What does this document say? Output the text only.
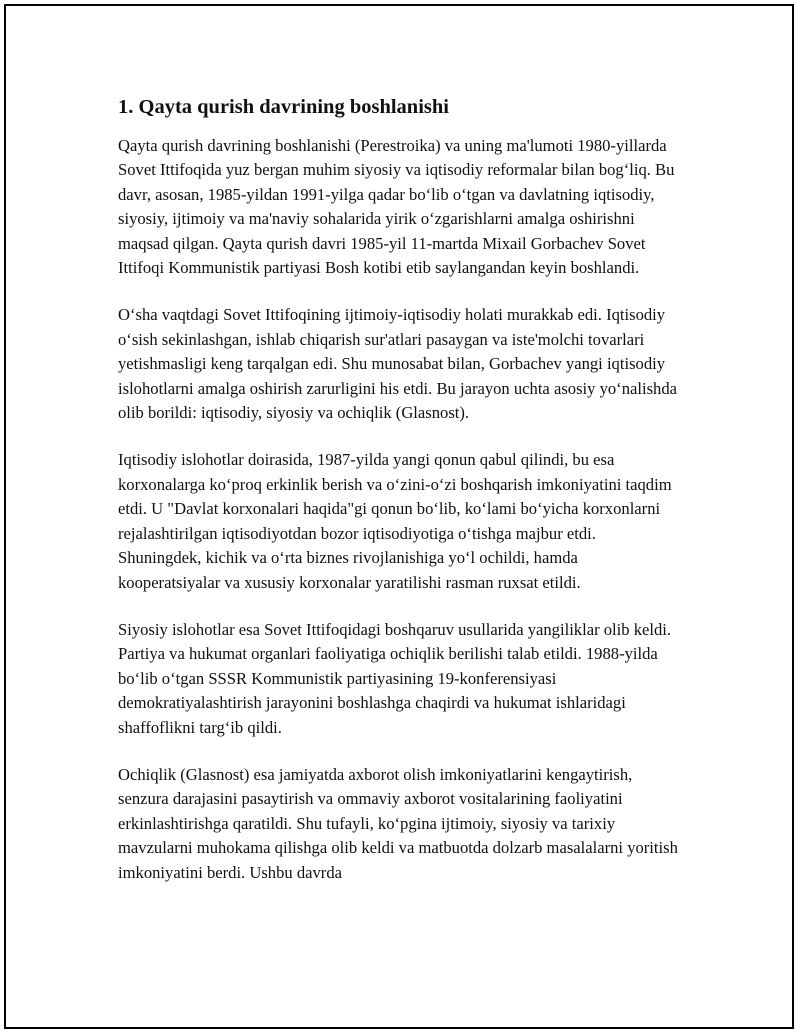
1. Qayta qurish davrining boshlanishi

Qayta qurish davrining boshlanishi (Perestroika) va uning ma'lumoti 1980-yillarda Sovet Ittifoqida yuz bergan muhim siyosiy va iqtisodiy reformalar bilan bog‘liq. Bu davr, asosan, 1985-yildan 1991-yilga qadar bo‘lib o‘tgan va davlatning iqtisodiy, siyosiy, ijtimoiy va ma'naviy sohalarida yirik o‘zgarishlarni amalga oshirishni maqsad qilgan. Qayta qurish davri 1985-yil 11-martda Mixail Gorbachev Sovet Ittifoqi Kommunistik partiyasi Bosh kotibi etib saylangandan keyin boshlandi.

O‘sha vaqtdagi Sovet Ittifoqining ijtimoiy-iqtisodiy holati murakkab edi. Iqtisodiy o‘sish sekinlashgan, ishlab chiqarish sur'atlari pasaygan va iste'molchi tovarlari yetishmasligi keng tarqalgan edi. Shu munosabat bilan, Gorbachev yangi iqtisodiy islohotlarni amalga oshirish zarurligini his etdi. Bu jarayon uchta asosiy yo‘nalishda olib borildi: iqtisodiy, siyosiy va ochiqlik (Glasnost).

Iqtisodiy islohotlar doirasida, 1987-yilda yangi qonun qabul qilindi, bu esa korxonalarga ko‘proq erkinlik berish va o‘zini-o‘zi boshqarish imkoniyatini taqdim etdi. U "Davlat korxonalari haqida"gi qonun bo‘lib, ko‘lami bo‘yicha korxonlarni rejalashtirilgan iqtisodiyotdan bozor iqtisodiyotiga o‘tishga majbur etdi. Shuningdek, kichik va o‘rta biznes rivojlanishiga yo‘l ochildi, hamda kooperatsiyalar va xususiy korxonalar yaratilishi rasman ruxsat etildi.

Siyosiy islohotlar esa Sovet Ittifoqidagi boshqaruv usullarida yangiliklar olib keldi. Partiya va hukumat organlari faoliyatiga ochiqlik berilishi talab etildi. 1988-yilda bo‘lib o‘tgan SSSR Kommunistik partiyasining 19-konferensiyasi demokratiyalashtirish jarayonini boshlashga chaqirdi va hukumat ishlaridagi shaffoflikni targ‘ib qildi.

Ochiqlik (Glasnost) esa jamiyatda axborot olish imkoniyatlarini kengaytirish, senzura darajasini pasaytirish va ommaviy axborot vositalarining faoliyatini erkinlashtirishga qaratildi. Shu tufayli, ko‘pgina ijtimoiy, siyosiy va tarixiy mavzularni muhokama qilishga olib keldi va matbuotda dolzarb masalalarni yoritish imkoniyatini berdi. Ushbu davrda
